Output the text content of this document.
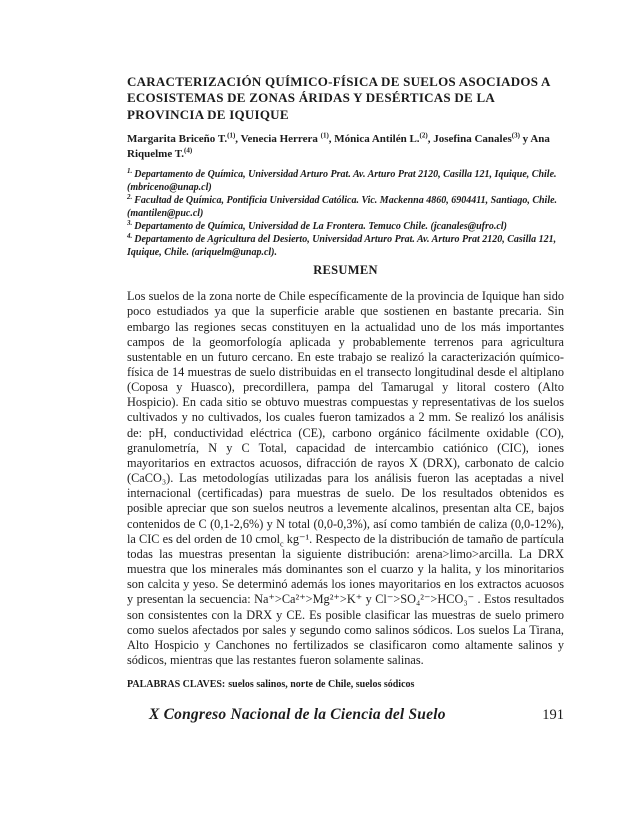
CARACTERIZACIÓN QUÍMICO-FÍSICA DE SUELOS ASOCIADOS A
ECOSISTEMAS DE ZONAS ÁRIDAS Y DESÉRTICAS DE LA
PROVINCIA DE IQUIQUE

Margarita Briceño T.$^{(1)}$, Venecia Herrera $^{(1)}$, Mónica Antilén L.$^{(2)}$, Josefina Canales$^{(3)}$ y Ana Riquelme T.$^{(4)}$

$^{1.}$ Departamento de Química, Universidad Arturo Prat. Av. Arturo Prat 2120, Casilla 121, Iquique, Chile. (mbriceno@unap.cl)

$^{2.}$ Facultad de Química, Pontificia Universidad Católica. Vic. Mackenna 4860, 6904411, Santiago, Chile. (mantilen@puc.cl)

$^{3.}$ Departamento de Química, Universidad de La Frontera. Temuco Chile. (jcanales@ufro.cl)

$^{4.}$ Departamento de Agricultura del Desierto, Universidad Arturo Prat. Av. Arturo Prat 2120, Casilla 121, Iquique, Chile. (ariquelm@unap.cl).

RESUMEN

Los suelos de la zona norte de Chile específicamente de la provincia de Iquique han sido poco estudiados ya que la superficie arable que sostienen en bastante precaria. Sin embargo las regiones secas constituyen en la actualidad uno de los más importantes campos de la geomorfología aplicada y probablemente terrenos para agricultura sustentable en un futuro cercano. En este trabajo se realizó la caracterización químico-física de 14 muestras de suelo distribuidas en el transecto longitudinal desde el altiplano (Coposa y Huasco), precordillera, pampa del Tamarugal y litoral costero (Alto Hospicio). En cada sitio se obtuvo muestras compuestas y representativas de los suelos cultivados y no cultivados, los cuales fueron tamizados a 2 mm. Se realizó los análisis de: pH, conductividad eléctrica (CE), carbono orgánico fácilmente oxidable (CO), granulometría, N y C Total, capacidad de intercambio catiónico (CIC), iones mayoritarios en extractos acuosos, difracción de rayos X (DRX), carbonato de calcio (CaCO₃). Las metodologías utilizadas para los análisis fueron las aceptadas a nivel internacional (certificadas) para muestras de suelo. De los resultados obtenidos es posible apreciar que son suelos neutros a levemente alcalinos, presentan alta CE, bajos contenidos de C (0,1-2,6%) y N total (0,0-0,3%), así como también de caliza (0,0-12%), la CIC es del orden de 10 cmol$_c$ kg⁻¹. Respecto de la distribución de tamaño de partícula todas las muestras presentan la siguiente distribución: arena>limo>arcilla. La DRX muestra que los minerales más dominantes son el cuarzo y la halita, y los minoritarios son calcita y yeso. Se determinó además los iones mayoritarios en los extractos acuosos y presentan la secuencia: Na⁺>Ca²⁺>Mg²⁺>K⁺ y Cl⁻>SO₄²⁻>HCO₃⁻ . Estos resultados son consistentes con la DRX y CE. Es posible clasificar las muestras de suelo primero como suelos afectados por sales y segundo como salinos sódicos. Los suelos La Tirana, Alto Hospicio y Canchones no fertilizados se clasificaron como altamente salinos y sódicos, mientras que las restantes fueron solamente salinas.

PALABRAS CLAVES: suelos salinos, norte de Chile, suelos sódicos

X Congreso Nacional de la Ciencia del Suelo	191
